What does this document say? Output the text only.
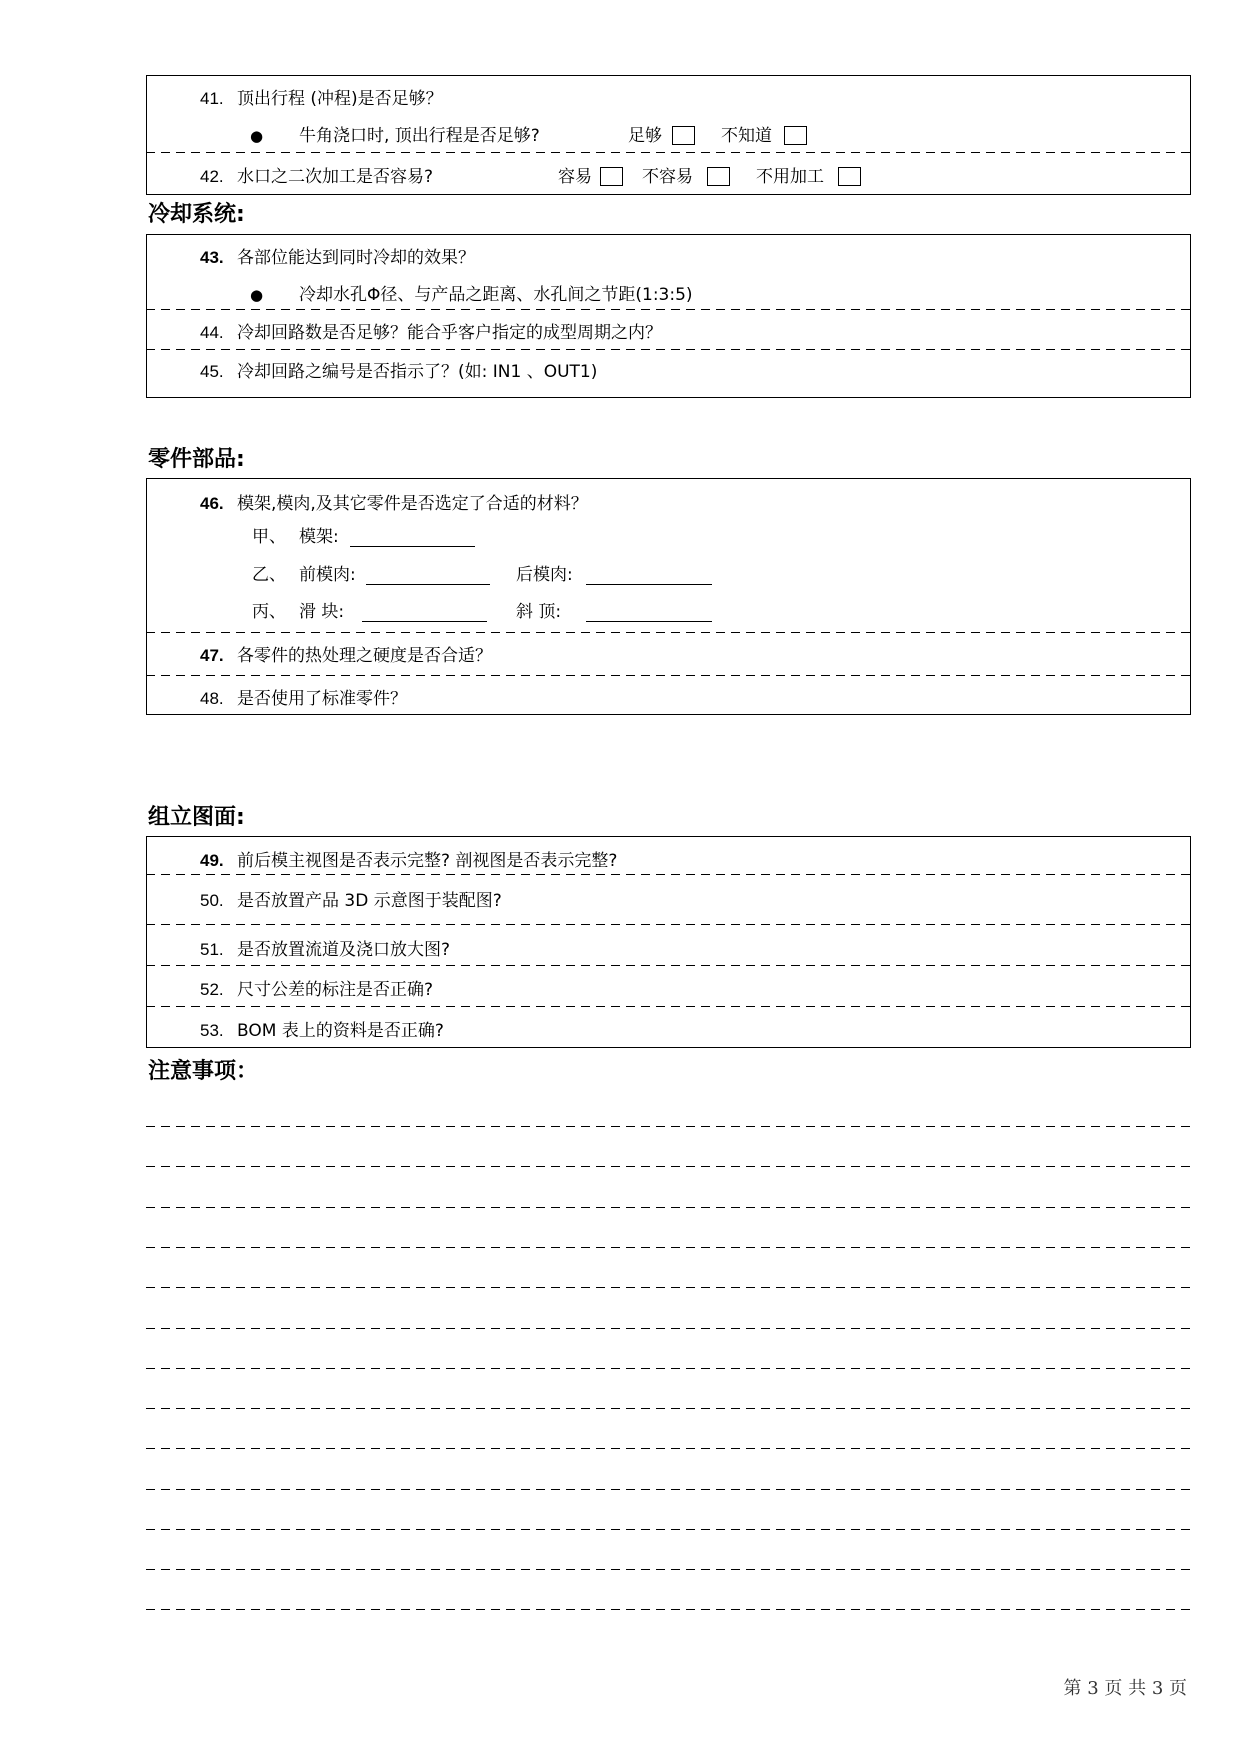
41. 顶出行程 (冲程)是否足够？
● 牛角浇口时, 顶出行程是否足够?	足够	不知道
42. 水口之二次加工是否容易?	容易	不容易	不用加工
冷却系统:
43. 各部位能达到同时冷却的效果？
● 冷却水孔Φ径、与产品之距离、水孔间之节距(1:3:5)
44. 冷却回路数是否足够？能合乎客户指定的成型周期之内？
45. 冷却回路之编号是否指示了？(如: IN1 、OUT1)
零件部品:
46. 模架,模肉,及其它零件是否选定了合适的材料？
甲、 模架:
乙、 前模肉:	后模肉:
丙、 滑 块:	斜 顶:
47. 各零件的热处理之硬度是否合适？
48. 是否使用了标准零件？
组立图面:
49. 前后模主视图是否表示完整? 剖视图是否表示完整?
50. 是否放置产品 3D 示意图于装配图?
51. 是否放置流道及浇口放大图?
52. 尺寸公差的标注是否正确?
53. BOM 表上的资料是否正确?
注意事项：
第 3 页 共 3 页
